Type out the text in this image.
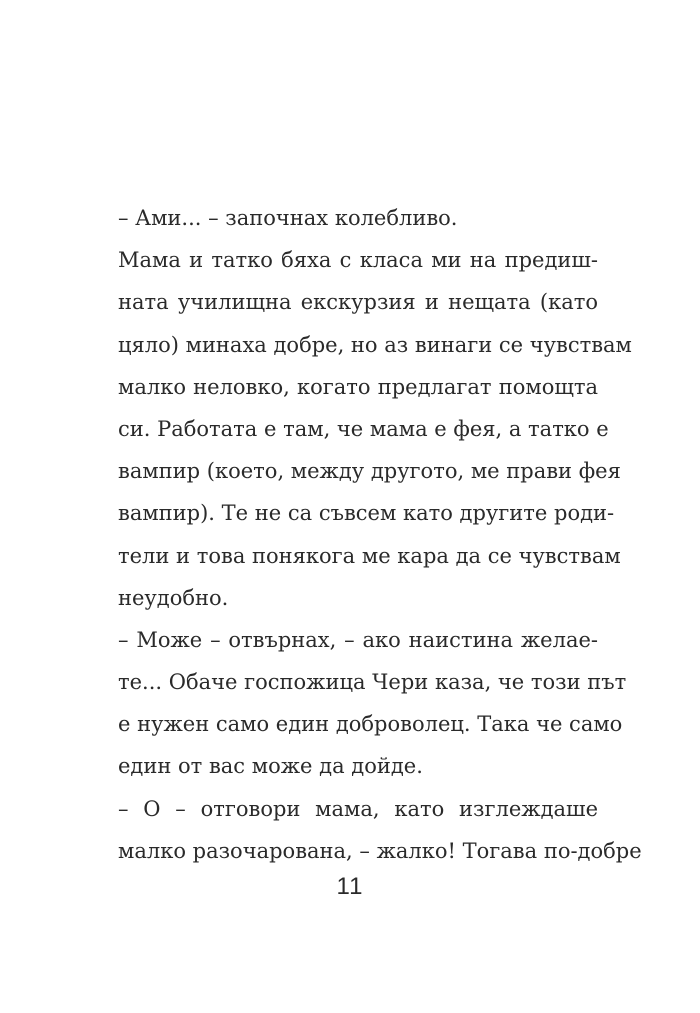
– Ами... – започнах колебливо.
Мама и татко бяха с класа ми на предиш-
ната училищна екскурзия и нещата (като
цяло) минаха добре, но аз винаги се чувствам
малко неловко, когато предлагат помощта
си. Работата е там, че мама е фея, а татко е
вампир (което, между другото, ме прави фея
вампир). Те не са съвсем като другите роди-
тели и това понякога ме кара да се чувствам
неудобно.
– Може – отвърнах, – ако наистина желае-
те... Обаче госпожица Чери каза, че този път
е нужен само един доброволец. Така че само
един от вас може да дойде.
– О – отговори мама, като изглеждаше
малко разочарована, – жалко! Тогава по-добре
11
